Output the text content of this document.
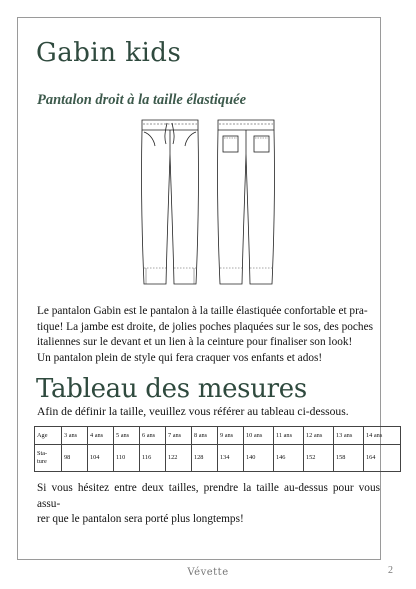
Gabin kids
Pantalon droit à la taille élastiquée

Le pantalon Gabin est le pantalon à la taille élastiquée confortable et pra-
tique! La jambe est droite, de jolies poches plaquées sur le sos, des poches
italiennes sur le devant et un lien à la ceinture pour finaliser son look!
Un pantalon plein de style qui fera craquer vos enfants et ados!

Tableau des mesures

Afin de définir la taille, veuillez vous référer au tableau ci-dessous.

Age	3 ans	4 ans	5 ans	6 ans	7 ans	8 ans	9 ans	10 ans	11 ans	12 ans	13 ans	14 ans
Sta-
ture	98	104	110	116	122	128	134	140	146	152	158	164

Si vous hésitez entre deux tailles, prendre la taille au-dessus pour vous assu-
rer que le pantalon sera porté plus longtemps!

Vévette	2
